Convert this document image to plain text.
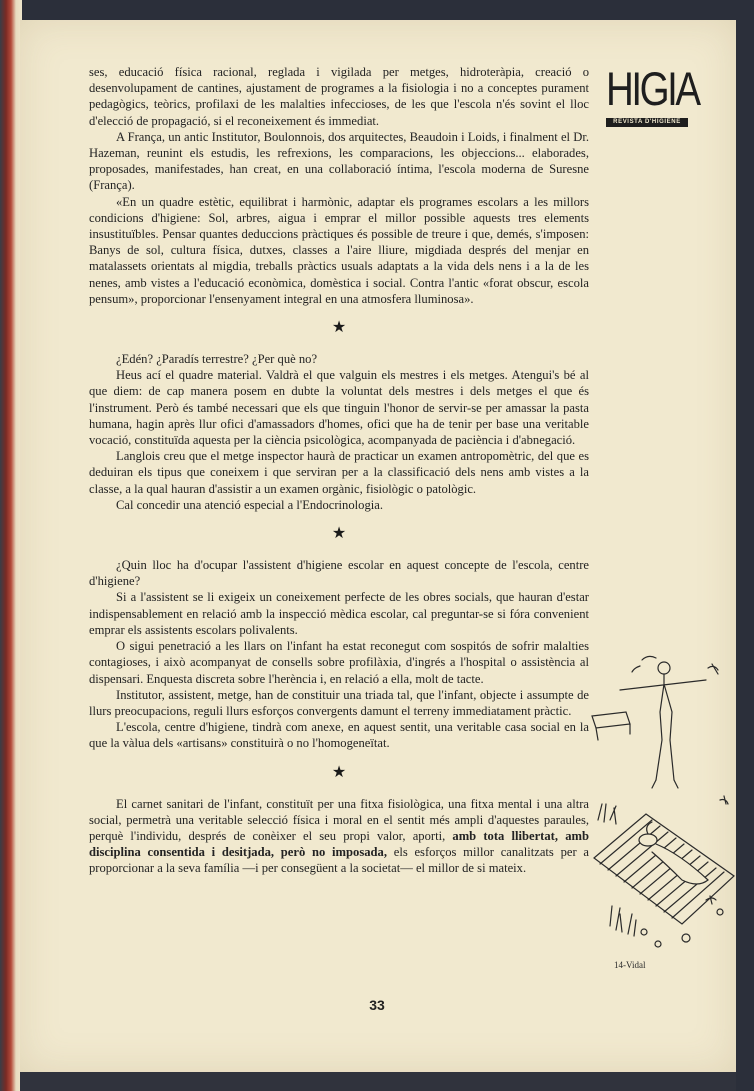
HIGIA
REVISTA D'HIGIENE

ses, educació física racional, reglada i vigilada per metges, hidroteràpia, creació o desenvolupament de cantines, ajustament de programes a la fisiologia i no a conceptes purament pedagògics, teòrics, profilaxi de les malalties infeccioses, de les que l'escola n'és sovint el lloc d'elecció de propagació, si el reconeixement és immediat.

A França, un antic Institutor, Boulonnois, dos arquitectes, Beaudoin i Loids, i finalment el Dr. Hazeman, reunint els estudis, les refrexions, les comparacions, les objeccions... elaborades, proposades, manifestades, han creat, en una collaboració íntima, l'escola moderna de Suresne (França).

«En un quadre estètic, equilibrat i harmònic, adaptar els programes escolars a les millors condicions d'higiene: Sol, arbres, aigua i emprar el millor possible aquests tres elements insustituïbles. Pensar quantes deduccions pràctiques és possible de treure i que, demés, s'imposen: Banys de sol, cultura física, dutxes, classes a l'aire lliure, migdiada després del menjar en matalassets orientats al migdia, treballs pràctics usuals adaptats a la vida dels nens i a la de les nenes, amb vistes a l'educació econòmica, domèstica i social. Contra l'antic «forat obscur, escola pensum», proporcionar l'ensenyament integral en una atmosfera lluminosa».

★

¿Edén? ¿Paradís terrestre? ¿Per què no?

Heus ací el quadre material. Valdrà el que valguin els mestres i els metges. Atengui's bé al que diem: de cap manera posem en dubte la voluntat dels mestres i dels metges el que és l'instrument. Però és també necessari que els que tinguin l'honor de servir-se per amassar la pasta humana, hagin après llur ofici d'amassadors d'homes, ofici que ha de tenir per base una veritable vocació, constituïda aquesta per la ciència psicològica, acompanyada de paciència i d'abnegació.

Langlois creu que el metge inspector haurà de practicar un examen antropomètric, del que es deduiran els tipus que coneixem i que serviran per a la classificació dels nens amb vistes a la classe, a la qual hauran d'assistir a un examen orgànic, fisiològic o patològic.

Cal concedir una atenció especial a l'Endocrinologia.

★

¿Quin lloc ha d'ocupar l'assistent d'higiene escolar en aquest concepte de l'escola, centre d'higiene?

Si a l'assistent se li exigeix un coneixement perfecte de les obres socials, que hauran d'estar indispensablement en relació amb la inspecció mèdica escolar, cal preguntar-se si fóra convenient emprar els assistents escolars polivalents.

O sigui penetració a les llars on l'infant ha estat reconegut com sospitós de sofrir malalties contagioses, i això acompanyat de consells sobre profilàxia, d'ingrés a l'hospital o assistència al dispensari. Enquesta discreta sobre l'herència i, en relació a ella, molt de tacte.

Institutor, assistent, metge, han de constituir una triada tal, que l'infant, objecte i assumpte de llurs preocupacions, reguli llurs esforços convergents damunt el terreny immediatament pràctic.

L'escola, centre d'higiene, tindrà com anexe, en aquest sentit, una veritable casa social en la que la vàlua dels «artisans» constituirà o no l'homogeneïtat.

★

El carnet sanitari de l'infant, constituït per una fitxa fisiològica, una fitxa mental i una altra social, permetrà una veritable selecció física i moral en el sentit més ampli d'aquestes paraules, perquè l'individu, després de conèixer el seu propi valor, aporti, amb tota llibertat, amb disciplina consentida i desitjada, però no imposada, els esforços millor canalitzats per a proporcionar a la seva família —i per consegüent a la societat— el millor de si mateix.

14-Vidal
33
